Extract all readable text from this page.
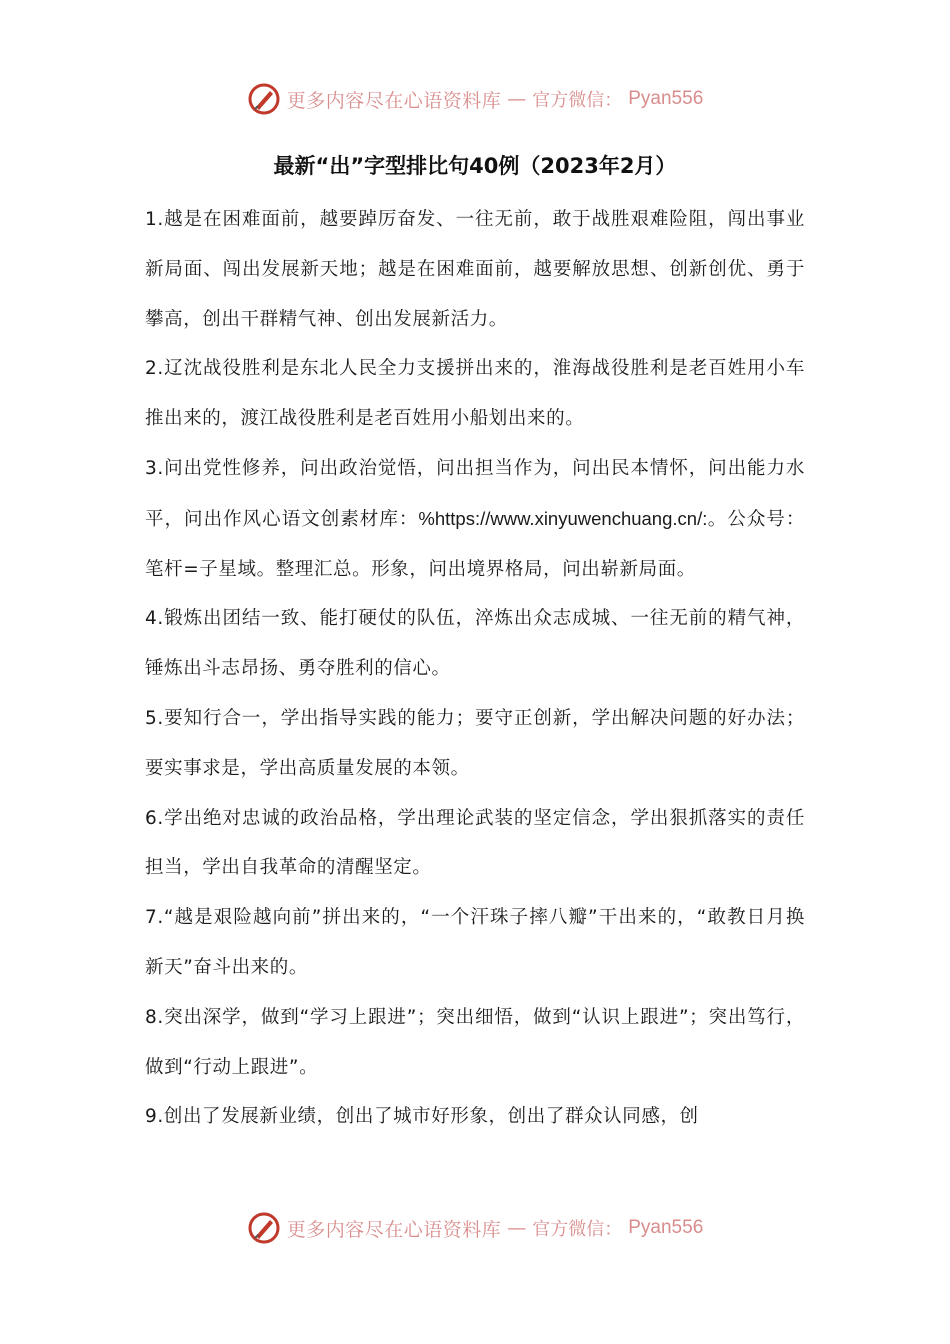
更多内容尽在心语资料库 — 官方微信： Pyan556
最新“出”字型排比句40例（2023年2月）

1.越是在困难面前，越要踔厉奋发、一往无前，敢于战胜艰难险阻，闯出事业新局面、闯出发展新天地；越是在困难面前，越要解放思想、创新创优、勇于攀高，创出干群精气神、创出发展新活力。

2.辽沈战役胜利是东北人民全力支援拼出来的，淮海战役胜利是老百姓用小车推出来的，渡江战役胜利是老百姓用小船划出来的。

3.问出党性修养，问出政治觉悟，问出担当作为，问出民本情怀，问出能力水平，问出作风心语文创素材库：%https://www.xinyuwenchuang.cn/:。公众号：笔杆=子星域。整理汇总。形象，问出境界格局，问出崭新局面。

4.锻炼出团结一致、能打硬仗的队伍，淬炼出众志成城、一往无前的精气神，锤炼出斗志昂扬、勇夺胜利的信心。

5.要知行合一，学出指导实践的能力；要守正创新，学出解决问题的好办法；要实事求是，学出高质量发展的本领。

6.学出绝对忠诚的政治品格，学出理论武装的坚定信念，学出狠抓落实的责任担当，学出自我革命的清醒坚定。

7.“越是艰险越向前”拼出来的，“一个汗珠子摔八瓣”干出来的，“敢教日月换新天”奋斗出来的。

8.突出深学，做到“学习上跟进”；突出细悟，做到“认识上跟进”；突出笃行，做到“行动上跟进”。

9.创出了发展新业绩，创出了城市好形象，创出了群众认同感，创

更多内容尽在心语资料库 — 官方微信： Pyan556
